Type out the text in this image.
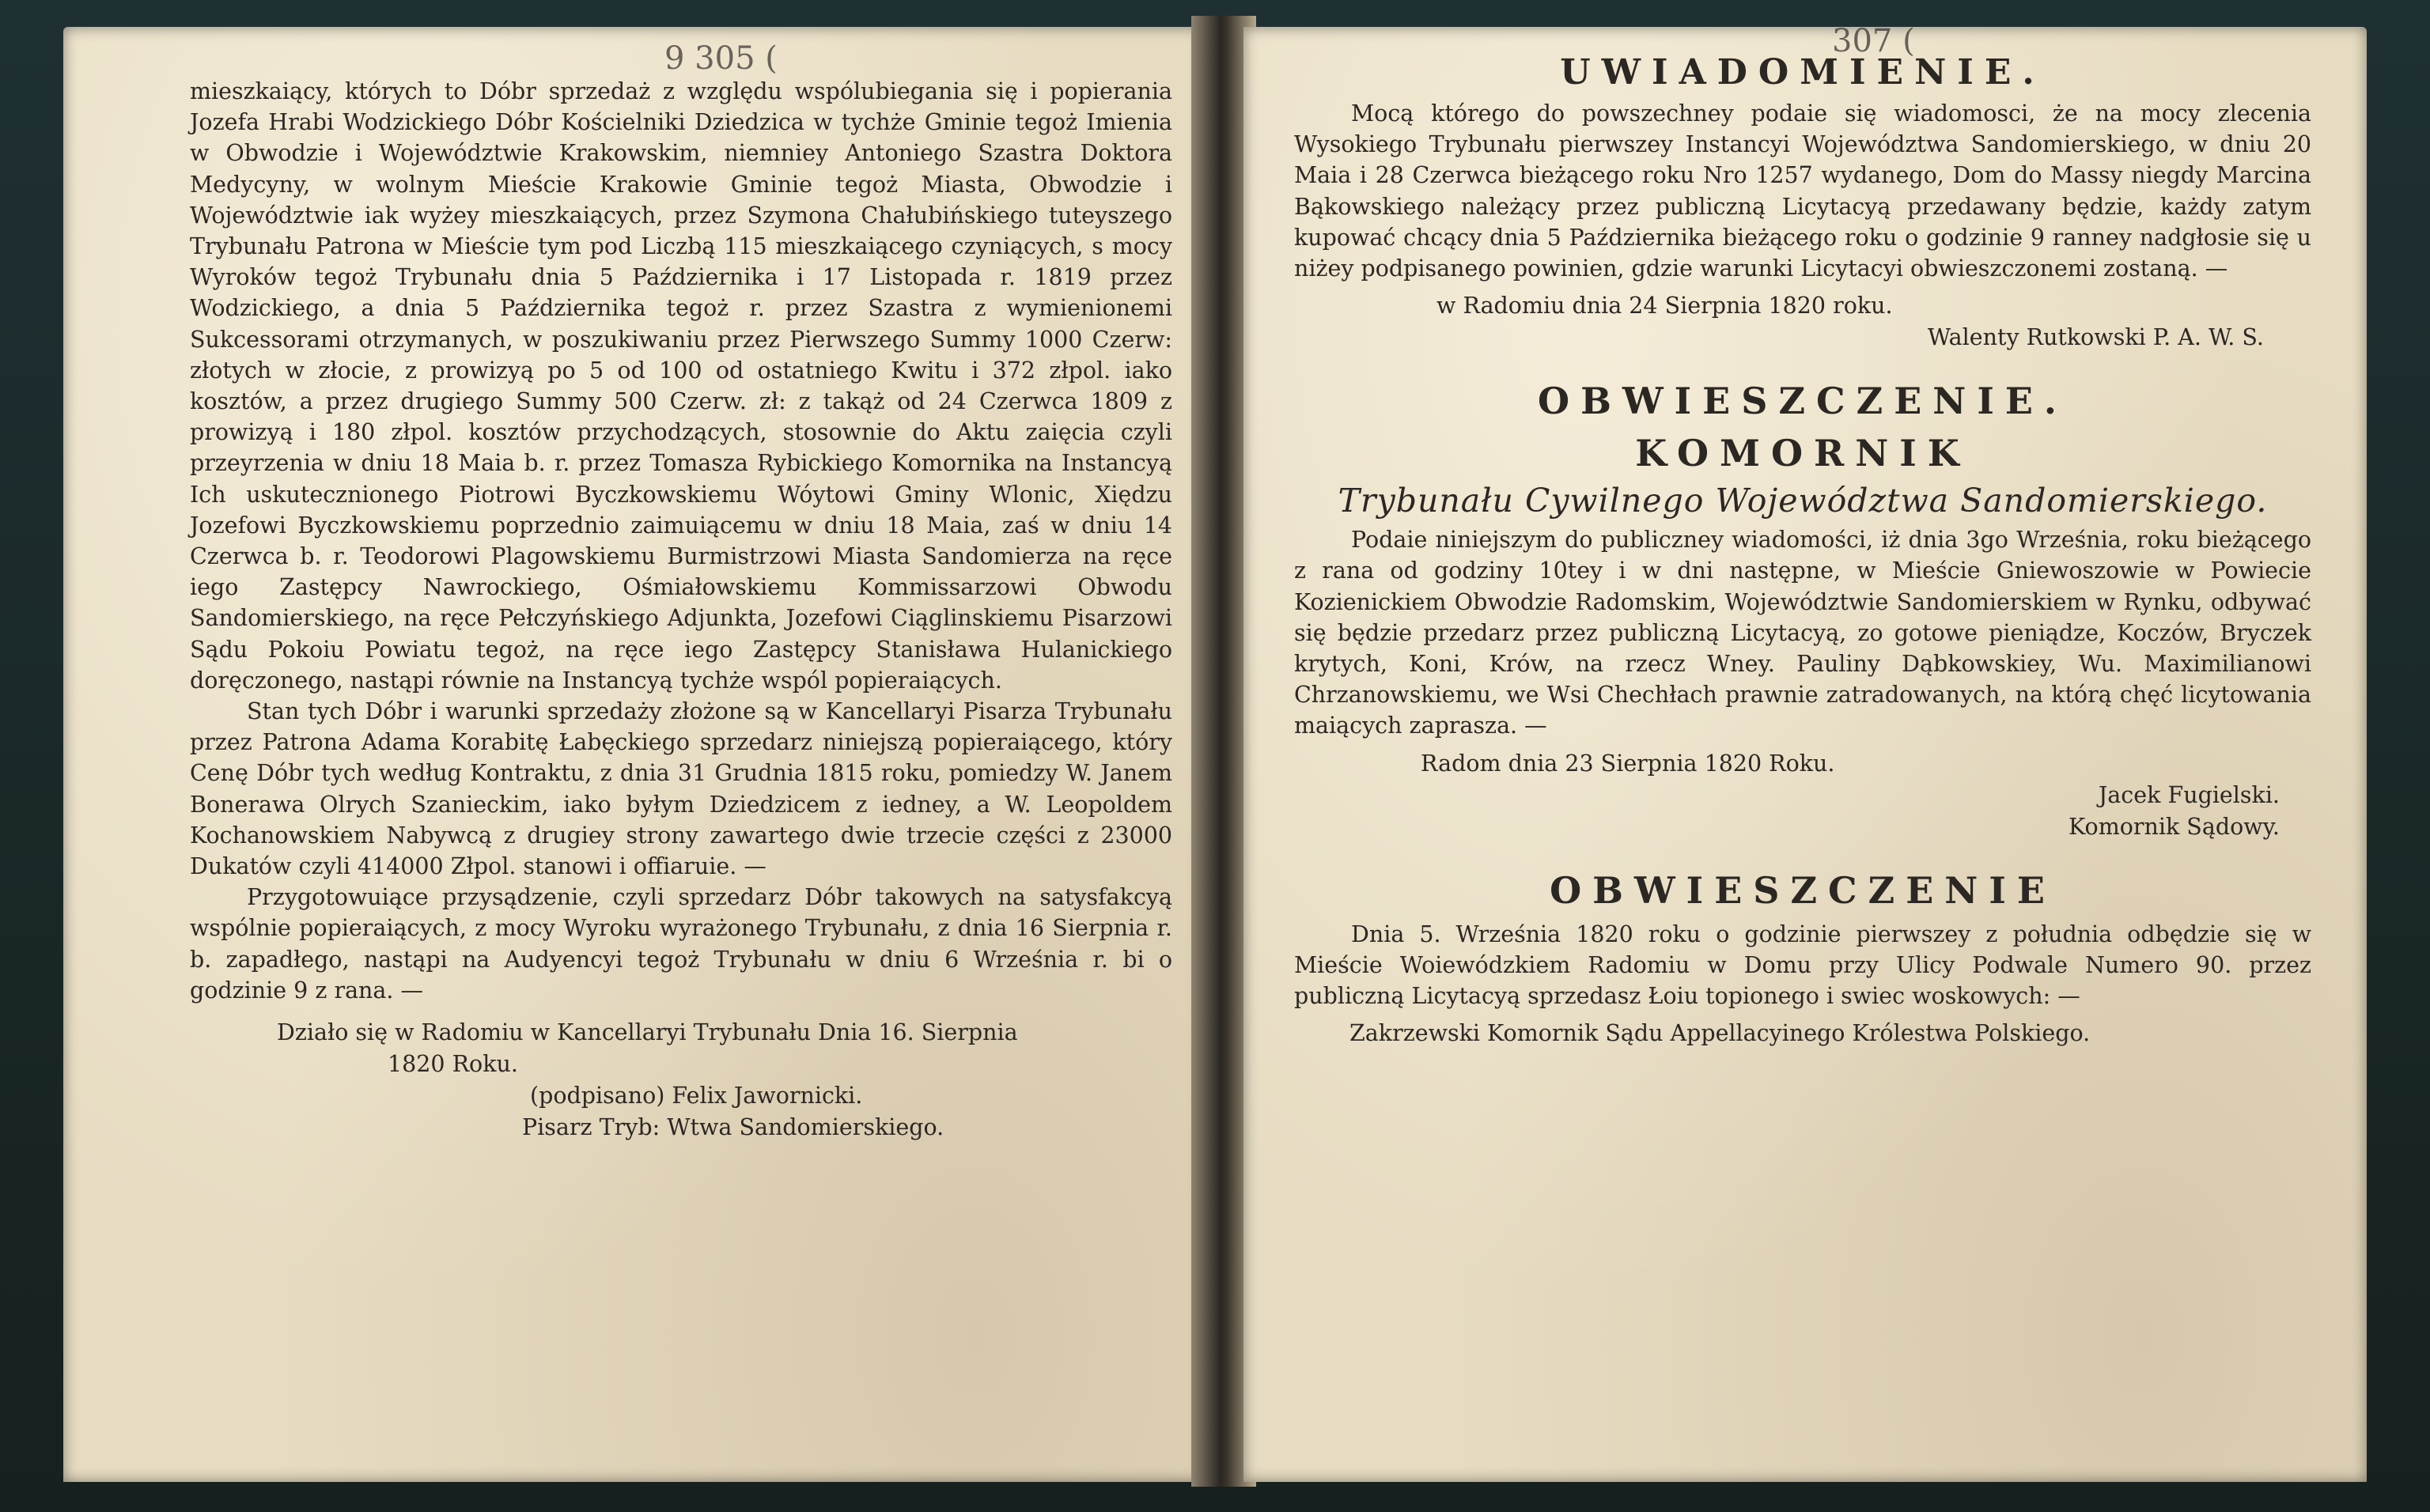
9 305 (

mieszkaiący, których to Dóbr sprzedaż z względu wspólubiegania się i popierania Jozefa Hrabi Wodzickiego Dóbr Kościelniki Dziedzica w tychże Gminie tegoż Imienia w Obwodzie i Województwie Krakowskim, niemniey Antoniego Szastra Doktora Medycyny, w wolnym Mieście Krakowie Gminie tegoż Miasta, Obwodzie i Województwie iak wyżey mieszkaiących, przez Szymona Chałubińskiego tuteyszego Trybunału Patrona w Mieście tym pod Liczbą 115 mieszkaiącego czyniących, s mocy Wyroków tegoż Trybunału dnia 5 Października i 17 Listopada r. 1819 przez Wodzickiego, a dnia 5 Października tegoż r. przez Szastra z wymienionemi Sukcessorami otrzymanych, w poszukiwaniu przez Pierwszego Summy 1000 Czerw: złotych w złocie, z prowizyą po 5 od 100 od ostatniego Kwitu i 372 złpol. iako kosztów, a przez drugiego Summy 500 Czerw. zł: z takąż od 24 Czerwca 1809 z prowizyą i 180 złpol. kosztów przychodzących, stosownie do Aktu zaięcia czyli przeyrzenia w dniu 18 Maia b. r. przez Tomasza Rybickiego Komornika na Instancyą Ich uskutecznionego Piotrowi Byczkowskiemu Wóytowi Gminy Wlonic, Xiędzu Jozefowi Byczkowskiemu poprzednio zaimuiącemu w dniu 18 Maia, zaś w dniu 14 Czerwca b. r. Teodorowi Plagowskiemu Burmistrzowi Miasta Sandomierza na ręce iego Zastępcy Nawrockiego, Ośmiałowskiemu Kommissarzowi Obwodu Sandomierskiego, na ręce Pełczyńskiego Adjunkta, Jozefowi Ciąglinskiemu Pisarzowi Sądu Pokoiu Powiatu tegoż, na ręce iego Zastępcy Stanisława Hulanickiego doręczonego, nastąpi równie na Instancyą tychże wspól popieraiących.

Stan tych Dóbr i warunki sprzedaży złożone są w Kancellaryi Pisarza Trybunału przez Patrona Adama Korabitę Łabęckiego sprzedarz niniejszą popieraiącego, który Cenę Dóbr tych według Kontraktu, z dnia 31 Grudnia 1815 roku, pomiedzy W. Janem Bonerawa Olrych Szanieckim, iako byłym Dziedzicem z iedney, a W. Leopoldem Kochanowskiem Nabywcą z drugiey strony zawartego dwie trzecie części z 23000 Dukatów czyli 414000 Złpol. stanowi i offiaruie. —

Przygotowuiące przysądzenie, czyli sprzedarz Dóbr takowych na satysfakcyą wspólnie popieraiących, z mocy Wyroku wyrażonego Trybunału, z dnia 16 Sierpnia r. b. zapadłego, nastąpi na Audyencyi tegoż Trybunału w dniu 6 Września r. bi o godzinie 9 z rana. —

Działo się w Radomiu w Kancellaryi Trybunału Dnia 16. Sierpnia

1820 Roku.

(podpisano) Felix Jawornicki.

Pisarz Tryb: Wtwa Sandomierskiego.

307 (
UWIADOMIENIE.

Mocą którego do powszechney podaie się wiadomosci, że na mocy zlecenia Wysokiego Trybunału pierwszey Instancyi Województwa Sandomierskiego, w dniu 20 Maia i 28 Czerwca bieżącego roku Nro 1257 wydanego, Dom do Massy niegdy Marcina Bąkowskiego należący przez publiczną Licytacyą przedawany będzie, każdy zatym kupować chcący dnia 5 Października bieżącego roku o godzinie 9 ranney nadgłosie się u niżey podpisanego powinien, gdzie warunki Licytacyi obwieszczonemi zostaną. —

w Radomiu dnia 24 Sierpnia 1820 roku.

Walenty Rutkowski P. A. W. S.

OBWIESZCZENIE.
KOMORNIK
Trybunału Cywilnego Województwa Sandomierskiego.

Podaie niniejszym do publiczney wiadomości, iż dnia 3go Września, roku bieżącego z rana od godziny 10tey i w dni następne, w Mieście Gniewoszowie w Powiecie Kozienickiem Obwodzie Radomskim, Województwie Sandomierskiem w Rynku, odbywać się będzie przedarz przez publiczną Licytacyą, zo gotowe pieniądze, Koczów, Bryczek krytych, Koni, Krów, na rzecz Wney. Pauliny Dąbkowskiey, Wu. Maximilianowi Chrzanowskiemu, we Wsi Chechłach prawnie zatradowanych, na którą chęć licytowania maiących zaprasza. —

Radom dnia 23 Sierpnia 1820 Roku.

Jacek Fugielski.

Komornik Sądowy.

OBWIESZCZENIE

Dnia 5. Września 1820 roku o godzinie pierwszey z południa odbędzie się w Mieście Woiewódzkiem Radomiu w Domu przy Ulicy Podwale Numero 90. przez publiczną Licytacyą sprzedasz Łoiu topionego i swiec woskowych: —

Zakrzewski Komornik Sądu Appellacyinego Królestwa Polskiego.
